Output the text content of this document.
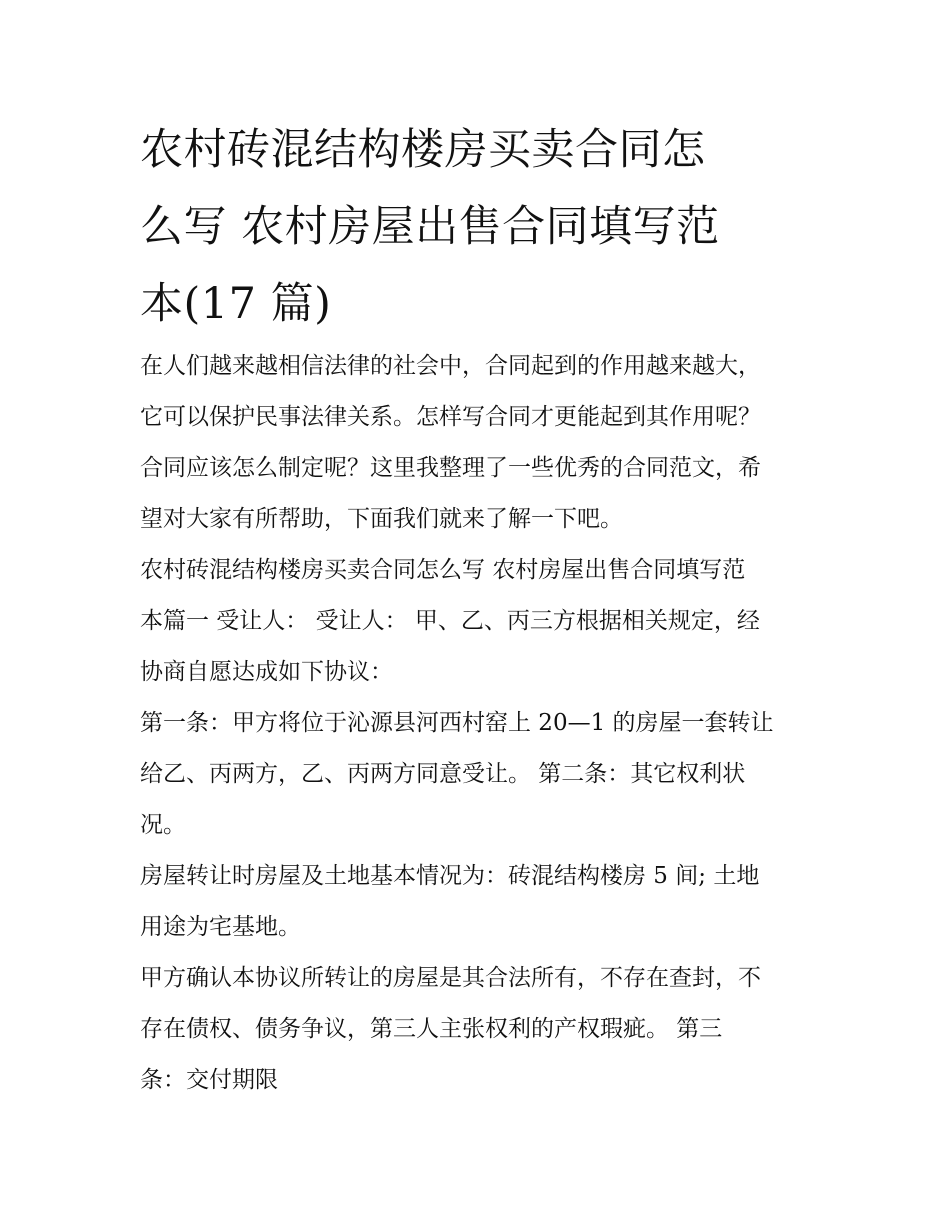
农村砖混结构楼房买卖合同怎
么写 农村房屋出售合同填写范
本(17 篇)
在人们越来越相信法律的社会中，合同起到的作用越来越大，
它可以保护民事法律关系。怎样写合同才更能起到其作用呢？
合同应该怎么制定呢？这里我整理了一些优秀的合同范文，希
望对大家有所帮助，下面我们就来了解一下吧。
农村砖混结构楼房买卖合同怎么写 农村房屋出售合同填写范
本篇一 受让人： 受让人： 甲、乙、丙三方根据相关规定，经
协商自愿达成如下协议：
第一条：甲方将位于沁源县河西村窑上 20—1 的房屋一套转让
给乙、丙两方，乙、丙两方同意受让。 第二条：其它权利状
况。
房屋转让时房屋及土地基本情况为：砖混结构楼房 5 间; 土地
用途为宅基地。
甲方确认本协议所转让的房屋是其合法所有，不存在查封，不
存在债权、债务争议，第三人主张权利的产权瑕疵。 第三
条：交付期限
